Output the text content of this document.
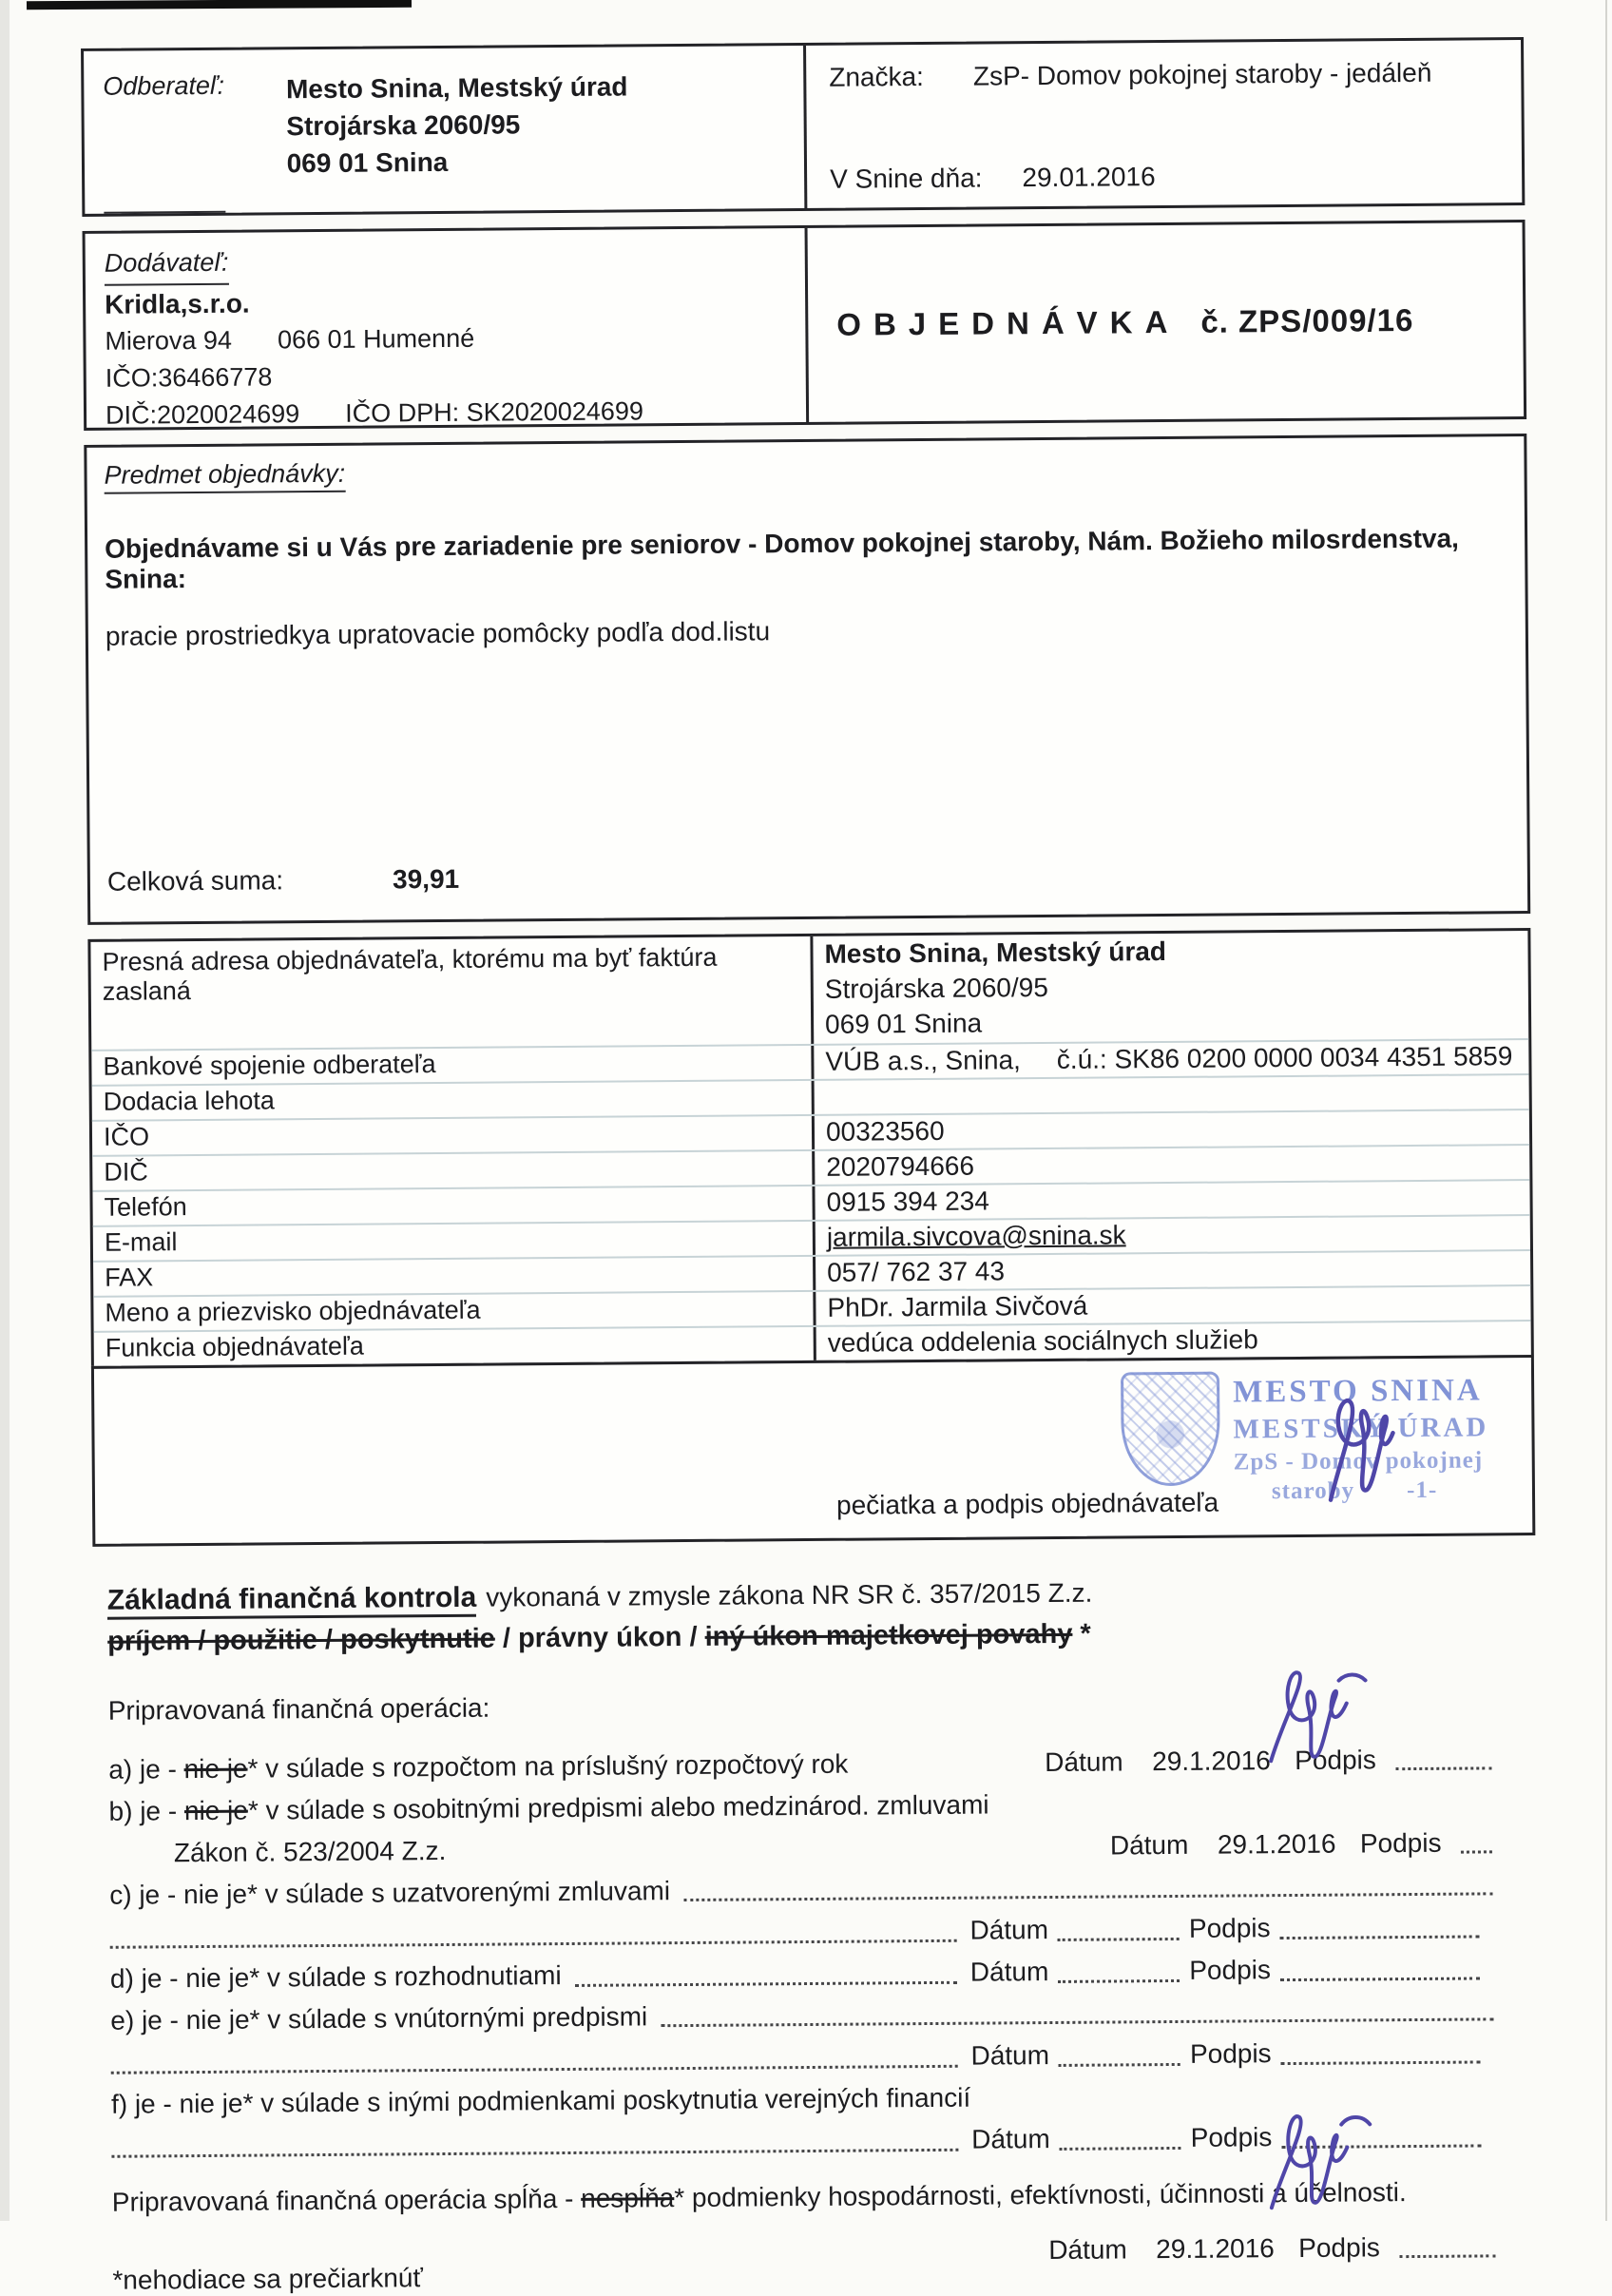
Odberateľ: Mesto Snina, Mestský úrad
Strojárska 2060/95
069 01 Snina
Značka: ZsP- Domov pokojnej staroby - jedáleň
V Snine dňa: 29.01.2016
Dodávateľ:
Kridla,s.r.o.
Mierova 94 066 01 Humenné
IČO:36466778
DIČ:2020024699 IČO DPH: SK2020024699
OBJEDNÁVKA č. ZPS/009/16
Predmet objednávky:
Objednávame si u Vás pre zariadenie pre seniorov - Domov pokojnej staroby, Nám. Božieho milosrdenstva, Snina:
pracie prostriedkya upratovacie pomôcky podľa dod.listu
Celková suma:	39,91
Presná adresa objednávateľa, ktorému ma byť faktúra zaslaná
Mesto Snina, Mestský úrad
Strojárska 2060/95
069 01 Snina
Bankové spojenie odberateľa	VÚB a.s., Snina, č.ú.: SK86 0200 0000 0034 4351 5859
Dodacia lehota
IČO	00323560
DIČ	2020794666
Telefón	0915 394 234
E-mail	jarmila.sivcova@snina.sk
FAX	057/ 762 37 43
Meno a priezvisko objednávateľa	PhDr. Jarmila Sivčová
Funkcia objednávateľa	vedúca oddelenia sociálnych služieb
MESTO SNINA
MESTSKÝ ÚRAD
ZpS - Domov pokojnej
staroby -1-
pečiatka a podpis objednávateľa
Základná finančná kontrola vykonaná v zmysle zákona NR SR č. 357/2015 Z.z.
príjem / použitie / poskytnutie / právny úkon / iný úkon majetkovej povahy *
Pripravovaná finančná operácia:
a) je - nie je* v súlade s rozpočtom na príslušný rozpočtový rok	Dátum	29.1.2016 Podpis
b) je - nie je* v súlade s osobitnými predpismi alebo medzinárod. zmluvami
Zákon č. 523/2004 Z.z.	Dátum	29.1.2016 Podpis
c) je - nie je* v súlade s uzatvorenými zmluvami
Dátum	Podpis
d) je - nie je* v súlade s rozhodnutiami	Dátum	Podpis
e) je - nie je* v súlade s vnútornými predpismi
Dátum	Podpis
f) je - nie je* v súlade s inými podmienkami poskytnutia verejných financií
Dátum	Podpis
Pripravovaná finančná operácia spĺňa - nespĺňa* podmienky hospodárnosti, efektívnosti, účinnosti a účelnosti.
*nehodiace sa prečiarknúť
Dátum	29.1.2016 Podpis
